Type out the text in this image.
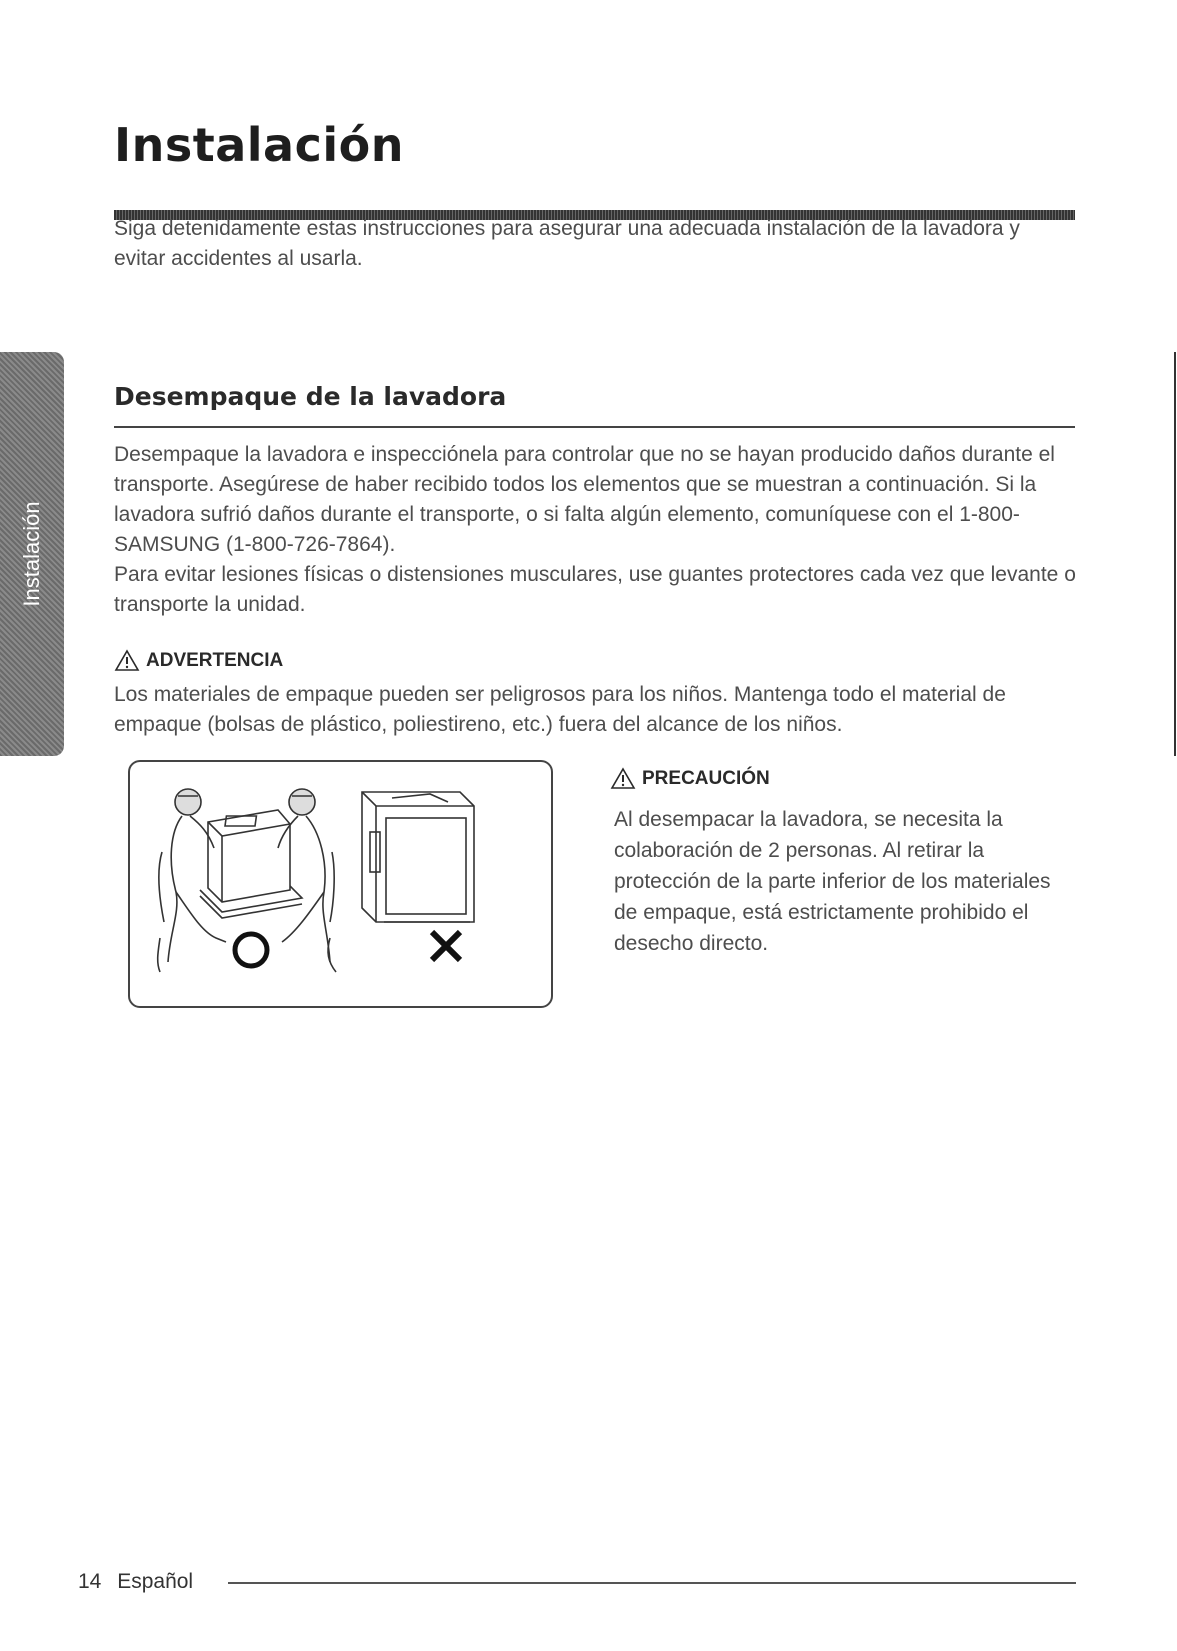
Instalación
Siga detenidamente estas instrucciones para asegurar una adecuada instalación de la lavadora y evitar accidentes al usarla.
Instalación
Desempaque de la lavadora

Desempaque la lavadora e inspecciónela para controlar que no se hayan producido daños durante el transporte. Asegúrese de haber recibido todos los elementos que se muestran a continuación. Si la lavadora sufrió daños durante el transporte, o si falta algún elemento, comuníquese con el 1-800-SAMSUNG (1-800-726-7864).

Para evitar lesiones físicas o distensiones musculares, use guantes protectores cada vez que levante o transporte la unidad.

ADVERTENCIA
Los materiales de empaque pueden ser peligrosos para los niños. Mantenga todo el material de empaque (bolsas de plástico, poliestireno, etc.) fuera del alcance de los niños.
PRECAUCIÓN
Al desempacar la lavadora, se necesita la colaboración de 2 personas. Al retirar la protección de la parte inferior de los materiales de empaque, está estrictamente prohibido el desecho directo.
14 Español
